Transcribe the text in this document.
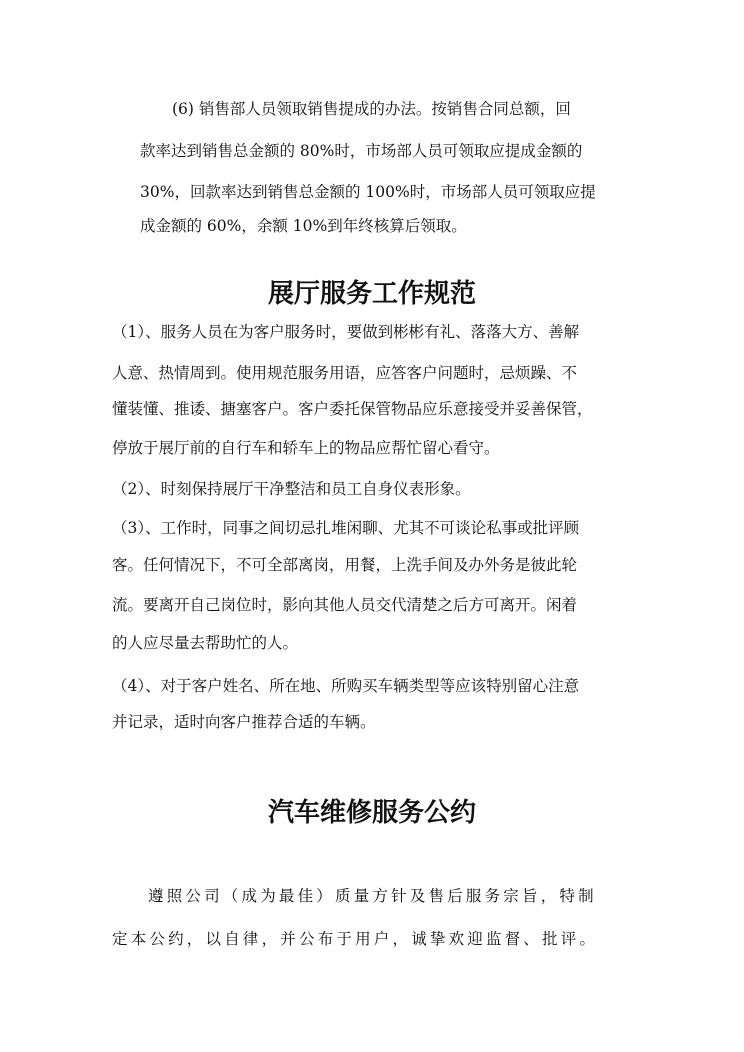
(6) 销售部人员领取销售提成的办法。按销售合同总额，回
款率达到销售总金额的 80%时，市场部人员可领取应提成金额的
30%，回款率达到销售总金额的 100%时，市场部人员可领取应提
成金额的 60%，余额 10%到年终核算后领取。
展厅服务工作规范
（1）、服务人员在为客户服务时，要做到彬彬有礼、落落大方、善解
人意、热情周到。使用规范服务用语，应答客户问题时，忌烦躁、不
懂装懂、推诿、搪塞客户。客户委托保管物品应乐意接受并妥善保管，
停放于展厅前的自行车和轿车上的物品应帮忙留心看守。
（2）、时刻保持展厅干净整洁和员工自身仪表形象。
（3）、工作时，同事之间切忌扎堆闲聊、尤其不可谈论私事或批评顾
客。任何情况下，不可全部离岗，用餐，上洗手间及办外务是彼此轮
流。要离开自己岗位时，影向其他人员交代清楚之后方可离开。闲着
的人应尽量去帮助忙的人。
（4）、对于客户姓名、所在地、所购买车辆类型等应该特别留心注意
并记录，适时向客户推荐合适的车辆。
汽车维修服务公约
遵照公司（成为最佳）质量方针及售后服务宗旨，特制
定本公约，以自律，并公布于用户，诚挚欢迎监督、批评。
